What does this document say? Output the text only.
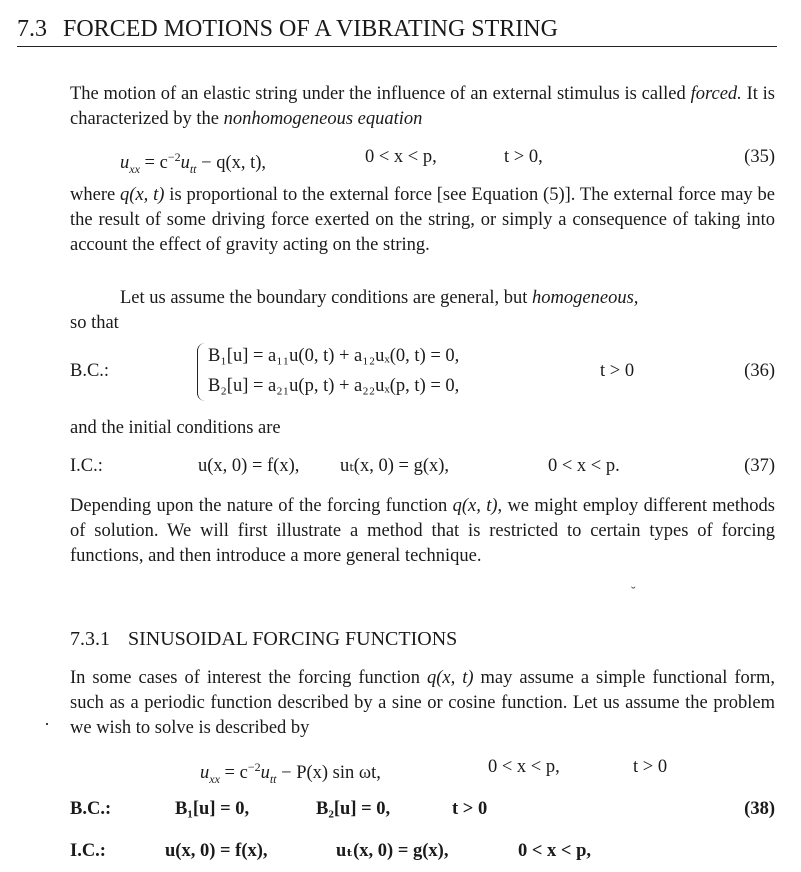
7.3 FORCED MOTIONS OF A VIBRATING STRING
The motion of an elastic string under the influence of an external stimulus is called forced. It is characterized by the nonhomogeneous equation
$u_{xx} = c^{-2}u_{tt} - q(x$, t),	0 < x < p,	t > 0,	(35)
where q(x, t) is proportional to the external force [see Equation (5)]. The external force may be the result of some driving force exerted on the string, or simply a consequence of taking into account the effect of gravity acting on the string.
Let us assume the boundary conditions are general, but homogeneous,
so that
B.C.:	t > 0	(36)
B₁[u] = a₁₁u(0, t) + a₁₂uₓ(0, t) = 0,
B₂[u] = a₂₁u(p, t) + a₂₂uₓ(p, t) = 0,
and the initial conditions are
I.C.:	u(x, 0) = f(x), uₜ(x, 0) = g(x),	0 < x < p.	(37)
Depending upon the nature of the forcing function q(x, t), we might employ different methods of solution. We will first illustrate a method that is restricted to certain types of forcing functions, and then introduce a more general technique.
˘
7.3.1 SINUSOIDAL FORCING FUNCTIONS
In some cases of interest the forcing function q(x, t) may assume a simple functional form, such as a periodic function described by a sine or cosine function. Let us assume the problem we wish to solve is described by
·
$u_{xx} = c^{-2}u_{tt} - P(x)$ sin ωt,	0 < x < p,	t > 0
B.C.:	B₁[u] = 0,	B₂[u] = 0,	t > 0	(38)
I.C.:	u(x, 0) = f(x),	uₜ(x, 0) = g(x),	0 < x < p,
